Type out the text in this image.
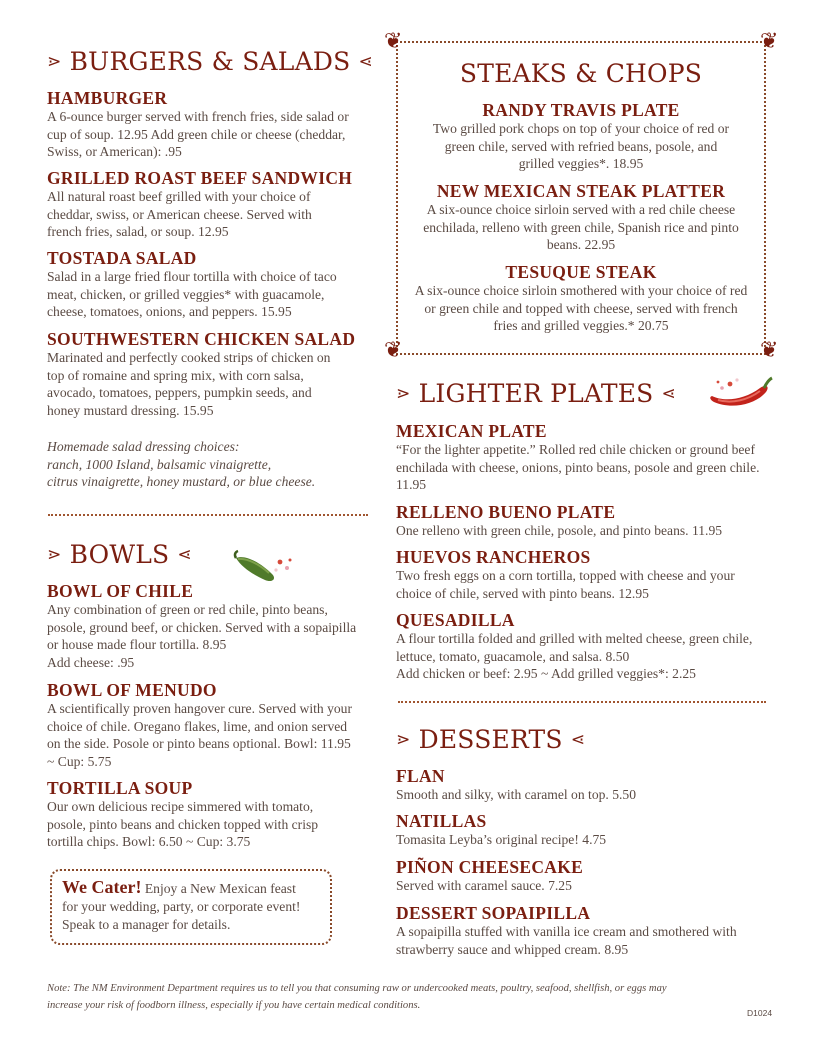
⋗ BURGERS & SALADS ⋖
HAMBURGER
A 6-ounce burger served with french fries, side salad or cup of soup. 12.95 Add green chile or cheese (cheddar, Swiss, or American): .95
GRILLED ROAST BEEF SANDWICH
All natural roast beef grilled with your choice of cheddar, swiss, or American cheese. Served with french fries, salad, or soup. 12.95
TOSTADA SALAD
Salad in a large fried flour tortilla with choice of taco meat, chicken, or grilled veggies* with guacamole, cheese, tomatoes, onions, and peppers. 15.95
SOUTHWESTERN CHICKEN SALAD
Marinated and perfectly cooked strips of chicken on top of romaine and spring mix, with corn salsa, avocado, tomatoes, peppers, pumpkin seeds, and honey mustard dressing. 15.95
Homemade salad dressing choices:
ranch, 1000 Island, balsamic vinaigrette,
citrus vinaigrette, honey mustard, or blue cheese.
⋗ BOWLS ⋖
BOWL OF CHILE
Any combination of green or red chile, pinto beans, posole, ground beef, or chicken. Served with a sopaipilla or house made flour tortilla. 8.95
Add cheese: .95
BOWL OF MENUDO
A scientifically proven hangover cure. Served with your choice of chile. Oregano flakes, lime, and onion served on the side. Posole or pinto beans optional. Bowl: 11.95 ~ Cup: 5.75
TORTILLA SOUP
Our own delicious recipe simmered with tomato, posole, pinto beans and chicken topped with crisp tortilla chips. Bowl: 6.50 ~ Cup: 3.75
We Cater! Enjoy a New Mexican feast
for your wedding, party, or corporate event!
Speak to a manager for details.
❦	❦
❦	❦
STEAKS & CHOPS
RANDY TRAVIS PLATE
Two grilled pork chops on top of your choice of red or green chile, served with refried beans, posole, and grilled veggies*. 18.95
NEW MEXICAN STEAK PLATTER
A six-ounce choice sirloin served with a red chile cheese enchilada, relleno with green chile, Spanish rice and pinto beans. 22.95
TESUQUE STEAK
A six-ounce choice sirloin smothered with your choice of red or green chile and topped with cheese, served with french fries and grilled veggies.* 20.75
⋗ LIGHTER PLATES ⋖
MEXICAN PLATE
“For the lighter appetite.” Rolled red chile chicken or ground beef enchilada with cheese, onions, pinto beans, posole and green chile. 11.95
RELLENO BUENO PLATE
One relleno with green chile, posole, and pinto beans. 11.95
HUEVOS RANCHEROS
Two fresh eggs on a corn tortilla, topped with cheese and your choice of chile, served with pinto beans. 12.95
QUESADILLA
A flour tortilla folded and grilled with melted cheese, green chile, lettuce, tomato, guacamole, and salsa. 8.50
Add chicken or beef: 2.95 ~ Add grilled veggies*: 2.25
⋗ DESSERTS ⋖
FLAN
Smooth and silky, with caramel on top. 5.50
NATILLAS
Tomasita Leyba’s original recipe! 4.75
PIÑON CHEESECAKE
Served with caramel sauce. 7.25
DESSERT SOPAIPILLA
A sopaipilla stuffed with vanilla ice cream and smothered with strawberry sauce and whipped cream. 8.95
Note: The NM Environment Department requires us to tell you that consuming raw or undercooked meats, poultry, seafood, shellfish, or eggs may increase your risk of foodborn illness, especially if you have certain medical conditions.
D1024
